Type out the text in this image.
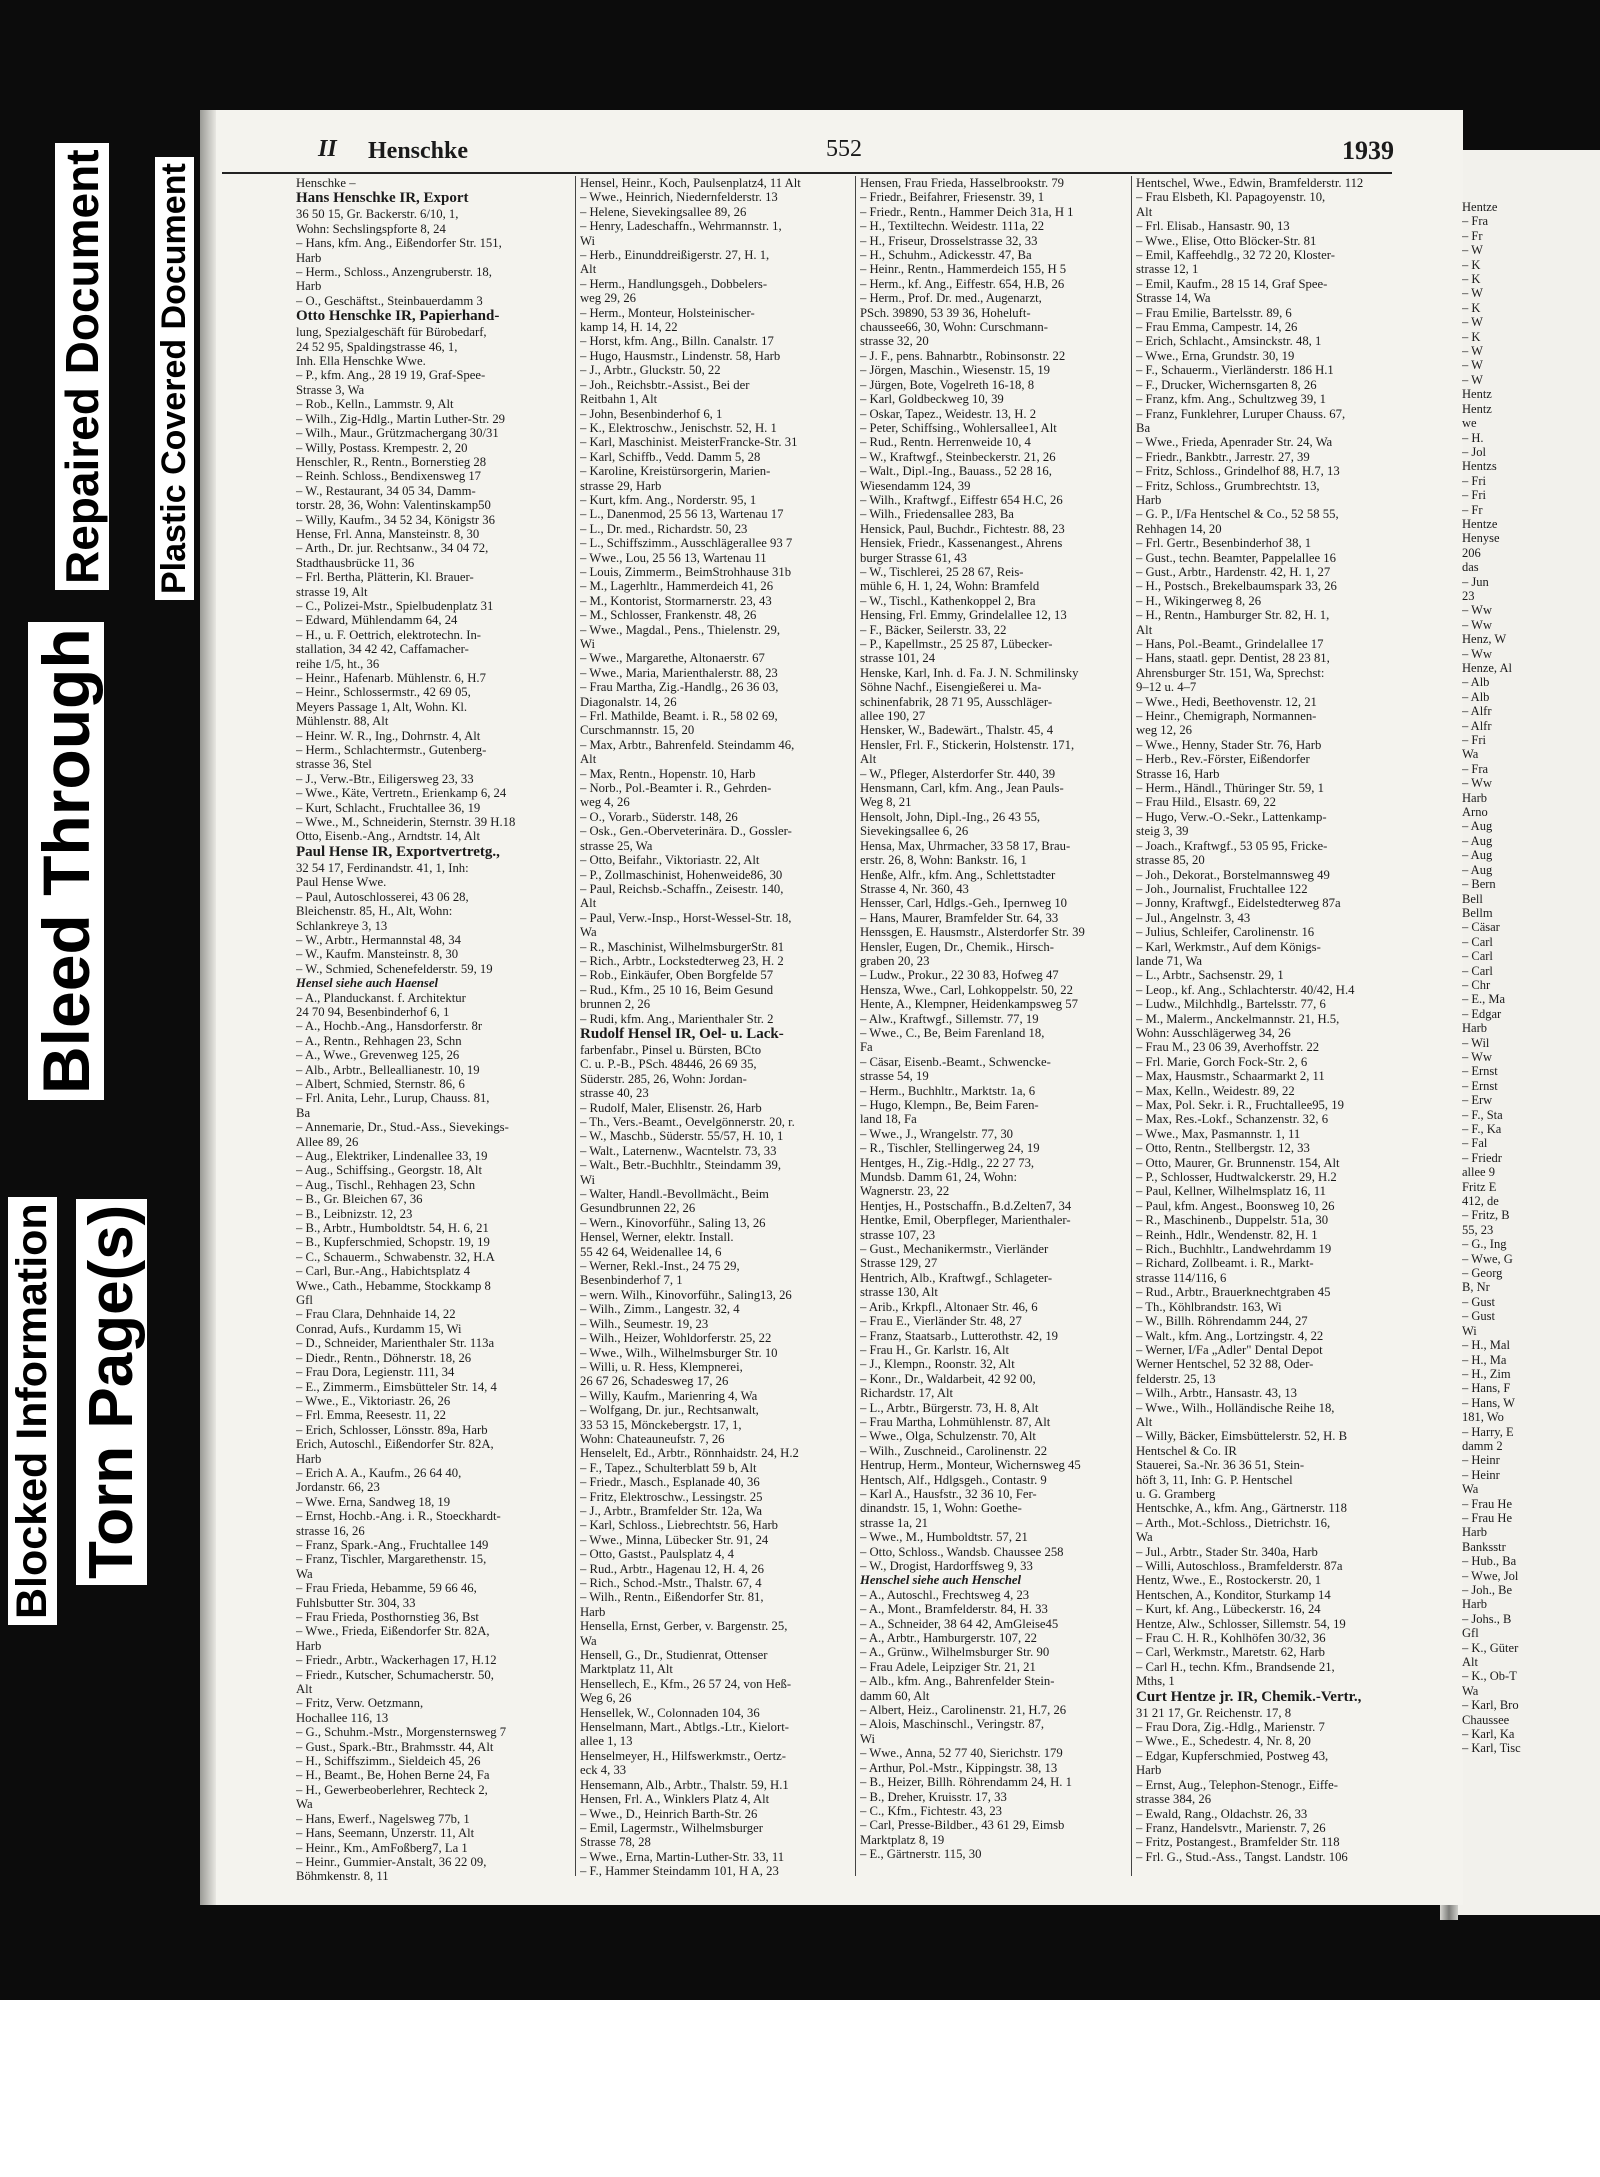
Blocked Information Torn Page(s)
Bleed Through
Repaired Document Plastic Covered Document
II Henschke	552	1939
Henschke –
Hans Henschke IR, Export
36 50 15, Gr. Backerstr. 6/10, 1,
Wohn: Sechslingspforte 8, 24
– Hans, kfm. Ang., Eißendorfer Str. 151,
Harb
– Herm., Schloss., Anzengruberstr. 18,
Harb
– O., Geschäftst., Steinbauerdamm 3
Otto Henschke IR, Papierhand-
lung, Spezialgeschäft für Bürobedarf,
24 52 95, Spaldingstrasse 46, 1,
Inh. Ella Henschke Wwe.
– P., kfm. Ang., 28 19 19, Graf-Spee-
Strasse 3, Wa
– Rob., Kelln., Lammstr. 9, Alt
– Wilh., Zig-Hdlg., Martin Luther-Str. 29
– Wilh., Maur., Grützmachergang 30/31
– Willy, Postass. Krempestr. 2, 20
Henschler, R., Rentn., Bornerstieg 28
– Reinh. Schloss., Bendixensweg 17
– W., Restaurant, 34 05 34, Damm-
torstr. 28, 36, Wohn: Valentinskamp50
– Willy, Kaufm., 34 52 34, Königstr 36
Hense, Frl. Anna, Mansteinstr. 8, 30
– Arth., Dr. jur. Rechtsanw., 34 04 72,
Stadthausbrücke 11, 36
– Frl. Bertha, Plätterin, Kl. Brauer-
strasse 19, Alt
– C., Polizei-Mstr., Spielbudenplatz 31
– Edward, Mühlendamm 64, 24
– H., u. F. Oettrich, elektrotechn. In-
stallation, 34 42 42, Caffamacher-
reihe 1/5, ht., 36
– Heinr., Hafenarb. Mühlenstr. 6, H.7
– Heinr., Schlossermstr., 42 69 05,
Meyers Passage 1, Alt, Wohn. Kl.
Mühlenstr. 88, Alt
– Heinr. W. R., Ing., Dohrnstr. 4, Alt
– Herm., Schlachtermstr., Gutenberg-
strasse 36, Stel
– J., Verw.-Btr., Eiligersweg 23, 33
– Wwe., Käte, Vertretn., Erienkamp 6, 24
– Kurt, Schlacht., Fruchtallee 36, 19
– Wwe., M., Schneiderin, Sternstr. 39 H.18
Otto, Eisenb.-Ang., Arndtstr. 14, Alt
Paul Hense IR, Exportvertretg.,
32 54 17, Ferdinandstr. 41, 1, Inh:
Paul Hense Wwe.
– Paul, Autoschlosserei, 43 06 28,
Bleichenstr. 85, H., Alt, Wohn:
Schlankreye 3, 13
– W., Arbtr., Hermannstal 48, 34
– W., Kaufm. Mansteinstr. 8, 30
– W., Schmied, Schenefelderstr. 59, 19
Hensel siehe auch Haensel
– A., Planduckanst. f. Architektur
24 70 94, Besenbinderhof 6, 1
– A., Hochb.-Ang., Hansdorferstr. 8r
– A., Rentn., Rehhagen 23, Schn
– A., Wwe., Grevenweg 125, 26
– Alb., Arbtr., Belleallianestr. 10, 19
– Albert, Schmied, Sternstr. 86, 6
– Frl. Anita, Lehr., Lurup, Chauss. 81,
Ba
– Annemarie, Dr., Stud.-Ass., Sievekings-
Allee 89, 26
– Aug., Elektriker, Lindenallee 33, 19
– Aug., Schiffsing., Georgstr. 18, Alt
– Aug., Tischl., Rehhagen 23, Schn
– B., Gr. Bleichen 67, 36
– B., Leibnizstr. 12, 23
– B., Arbtr., Humboldtstr. 54, H. 6, 21
– B., Kupferschmied, Schopstr. 19, 19
– C., Schauerm., Schwabenstr. 32, H.A
– Carl, Bur.-Ang., Habichtsplatz 4
Wwe., Cath., Hebamme, Stockkamp 8
Gfl
– Frau Clara, Dehnhaide 14, 22
Conrad, Aufs., Kurdamm 15, Wi
– D., Schneider, Marienthaler Str. 113a
– Diedr., Rentn., Döhnerstr. 18, 26
– Frau Dora, Legienstr. 111, 34
– E., Zimmerm., Eimsbütteler Str. 14, 4
– Wwe., E., Viktoriastr. 26, 26
– Frl. Emma, Reesestr. 11, 22
– Erich, Schlosser, Lönsstr. 89a, Harb
Erich, Autoschl., Eißendorfer Str. 82A,
Harb
– Erich A. A., Kaufm., 26 64 40,
Jordanstr. 66, 23
– Wwe. Erna, Sandweg 18, 19
– Ernst, Hochb.-Ang. i. R., Stoeckhardt-
strasse 16, 26
– Franz, Spark.-Ang., Fruchtallee 149
– Franz, Tischler, Margarethenstr. 15,
Wa
– Frau Frieda, Hebamme, 59 66 46,
Fuhlsbutter Str. 304, 33
– Frau Frieda, Posthornstieg 36, Bst
– Wwe., Frieda, Eißendorfer Str. 82A,
Harb
– Friedr., Arbtr., Wackerhagen 17, H.12
– Friedr., Kutscher, Schumacherstr. 50,
Alt
– Fritz, Verw. Oetzmann,
Hochallee 116, 13
– G., Schuhm.-Mstr., Morgensternsweg 7
– Gust., Spark.-Btr., Brahmsstr. 44, Alt
– H., Schiffszimm., Sieldeich 45, 26
– H., Beamt., Be, Hohen Berne 24, Fa
– H., Gewerbeoberlehrer, Rechteck 2,
Wa
– Hans, Ewerf., Nagelsweg 77b, 1
– Hans, Seemann, Unzerstr. 11, Alt
– Heinr., Km., AmFoßberg7, La 1
– Heinr., Gummier-Anstalt, 36 22 09,
Böhmkenstr. 8, 11
Hensel, Heinr., Koch, Paulsenplatz4, 11 Alt
– Wwe., Heinrich, Niedernfelderstr. 13
– Helene, Sievekingsallee 89, 26
– Henry, Ladeschaffn., Wehrmannstr. 1,
Wi
– Herb., Einunddreißigerstr. 27, H. 1,
Alt
– Herm., Handlungsgeh., Dobbelers-
weg 29, 26
– Herm., Monteur, Holsteinischer-
kamp 14, H. 14, 22
– Horst, kfm. Ang., Billn. Canalstr. 17
– Hugo, Hausmstr., Lindenstr. 58, Harb
– J., Arbtr., Gluckstr. 50, 22
– Joh., Reichsbtr.-Assist., Bei der
Reitbahn 1, Alt
– John, Besenbinderhof 6, 1
– K., Elektroschw., Jenischstr. 52, H. 1
– Karl, Maschinist. MeisterFrancke-Str. 31
– Karl, Schiffb., Vedd. Damm 5, 28
– Karoline, Kreistürsorgerin, Marien-
strasse 29, Harb
– Kurt, kfm. Ang., Norderstr. 95, 1
– L., Danenmod, 25 56 13, Wartenau 17
– L., Dr. med., Richardstr. 50, 23
– L., Schiffszimm., Ausschlägerallee 93 7
– Wwe., Lou, 25 56 13, Wartenau 11
– Louis, Zimmerm., BeimStrohhause 31b
– M., Lagerhltr., Hammerdeich 41, 26
– M., Kontorist, Stormarnerstr. 23, 43
– M., Schlosser, Frankenstr. 48, 26
– Wwe., Magdal., Pens., Thielenstr. 29,
Wi
– Wwe., Margarethe, Altonaerstr. 67
– Wwe., Maria, Marienthalerstr. 88, 23
– Frau Martha, Zig.-Handlg., 26 36 03,
Diagonalstr. 14, 26
– Frl. Mathilde, Beamt. i. R., 58 02 69,
Curschmannstr. 15, 20
– Max, Arbtr., Bahrenfeld. Steindamm 46,
Alt
– Max, Rentn., Hopenstr. 10, Harb
– Norb., Pol.-Beamter i. R., Gehrden-
weg 4, 26
– O., Vorarb., Süderstr. 148, 26
– Osk., Gen.-Oberveterinära. D., Gossler-
strasse 25, Wa
– Otto, Beifahr., Viktoriastr. 22, Alt
– P., Zollmaschinist, Hohenweide86, 30
– Paul, Reichsb.-Schaffn., Zeisestr. 140,
Alt
– Paul, Verw.-Insp., Horst-Wessel-Str. 18,
Wa
– R., Maschinist, WilhelmsburgerStr. 81
– Rich., Arbtr., Lockstedterweg 23, H. 2
– Rob., Einkäufer, Oben Borgfelde 57
– Rud., Kfm., 25 10 16, Beim Gesund
brunnen 2, 26
– Rudi, kfm. Ang., Marienthaler Str. 2
Rudolf Hensel IR, Oel- u. Lack-
farbenfabr., Pinsel u. Bürsten, BCto
C. u. P.-B., PSch. 48446, 26 69 35,
Süderstr. 285, 26, Wohn: Jordan-
strasse 40, 23
– Rudolf, Maler, Elisenstr. 26, Harb
– Th., Vers.-Beamt., Oevelgönnerstr. 20, r.
– W., Maschb., Süderstr. 55/57, H. 10, 1
– Walt., Laternenw., Wacntelstr. 73, 33
– Walt., Betr.-Buchhltr., Steindamm 39,
Wi
– Walter, Handl.-Bevollmächt., Beim
Gesundbrunnen 22, 26
– Wern., Kinovorführ., Saling 13, 26
Hensel, Werner, elektr. Install.
55 42 64, Weidenallee 14, 6
– Werner, Rekl.-Inst., 24 75 29,
Besenbinderhof 7, 1
– wern. Wilh., Kinovorführ., Saling13, 26
– Wilh., Zimm., Langestr. 32, 4
– Wilh., Seumestr. 19, 23
– Wilh., Heizer, Wohldorferstr. 25, 22
– Wwe., Wilh., Wilhelmsburger Str. 10
– Willi, u. R. Hess, Klempnerei,
26 67 26, Schadesweg 17, 26
– Willy, Kaufm., Marienring 4, Wa
– Wolfgang, Dr. jur., Rechtsanwalt,
33 53 15, Mönckebergstr. 17, 1,
Wohn: Chateauneufstr. 7, 26
Henselelt, Ed., Arbtr., Rönnhaidstr. 24, H.2
– F., Tapez., Schulterblatt 59 b, Alt
– Friedr., Masch., Esplanade 40, 36
– Fritz, Elektroschw., Lessingstr. 25
– J., Arbtr., Bramfelder Str. 12a, Wa
– Karl, Schloss., Liebrechtstr. 56, Harb
– Wwe., Minna, Lübecker Str. 91, 24
– Otto, Gastst., Paulsplatz 4, 4
– Rud., Arbtr., Hagenau 12, H. 4, 26
– Rich., Schod.-Mstr., Thalstr. 67, 4
– Wilh., Rentn., Eißendorfer Str. 81,
Harb
Hensella, Ernst, Gerber, v. Bargenstr. 25,
Wa
Hensell, G., Dr., Studienrat, Ottenser
Marktplatz 11, Alt
Hensellech, E., Kfm., 26 57 24, von Heß-
Weg 6, 26
Hensellek, W., Colonnaden 104, 36
Henselmann, Mart., Abtlgs.-Ltr., Kielort-
allee 1, 13
Henselmeyer, H., Hilfswerkmstr., Oertz-
eck 4, 33
Hensemann, Alb., Arbtr., Thalstr. 59, H.1
Hensen, Frl. A., Winklers Platz 4, Alt
– Wwe., D., Heinrich Barth-Str. 26
– Emil, Lagermstr., Wilhelmsburger
Strasse 78, 28
– Wwe., Erna, Martin-Luther-Str. 33, 11
– F., Hammer Steindamm 101, H A, 23
Hensen, Frau Frieda, Hasselbrookstr. 79
– Friedr., Beifahrer, Friesenstr. 39, 1
– Friedr., Rentn., Hammer Deich 31a, H 1
– H., Textiltechn. Weidestr. 111a, 22
– H., Friseur, Drosselstrasse 32, 33
– H., Schuhm., Adickesstr. 47, Ba
– Heinr., Rentn., Hammerdeich 155, H 5
– Herm., kf. Ang., Eiffestr. 654, H.B, 26
– Herm., Prof. Dr. med., Augenarzt,
PSch. 39890, 53 39 36, Hoheluft-
chaussee66, 30, Wohn: Curschmann-
strasse 32, 20
– J. F., pens. Bahnarbtr., Robinsonstr. 22
– Jörgen, Maschin., Wiesenstr. 15, 19
– Jürgen, Bote, Vogelreth 16-18, 8
– Karl, Goldbeckweg 10, 39
– Oskar, Tapez., Weidestr. 13, H. 2
– Peter, Schiffsing., Wohlersallee1, Alt
– Rud., Rentn. Herrenweide 10, 4
– W., Kraftwgf., Steinbeckerstr. 21, 26
– Walt., Dipl.-Ing., Bauass., 52 28 16,
Wiesendamm 124, 39
– Wilh., Kraftwgf., Eiffestr 654 H.C, 26
– Wilh., Friedensallee 283, Ba
Hensick, Paul, Buchdr., Fichtestr. 88, 23
Hensiek, Friedr., Kassenangest., Ahrens
burger Strasse 61, 43
– W., Tischlerei, 25 28 67, Reis-
mühle 6, H. 1, 24, Wohn: Bramfeld
– W., Tischl., Kathenkoppel 2, Bra
Hensing, Frl. Emmy, Grindelallee 12, 13
– F., Bäcker, Seilerstr. 33, 22
– P., Kapellmstr., 25 25 87, Lübecker-
strasse 101, 24
Henske, Karl, Inh. d. Fa. J. N. Schmilinsky
Söhne Nachf., Eisengießerei u. Ma-
schinenfabrik, 28 71 95, Ausschläger-
allee 190, 27
Hensker, W., Badewärt., Thalstr. 45, 4
Hensler, Frl. F., Stickerin, Holstenstr. 171,
Alt
– W., Pfleger, Alsterdorfer Str. 440, 39
Hensmann, Carl, kfm. Ang., Jean Pauls-
Weg 8, 21
Hensolt, John, Dipl.-Ing., 26 43 55,
Sievekingsallee 6, 26
Hensa, Max, Uhrmacher, 33 58 17, Brau-
erstr. 26, 8, Wohn: Bankstr. 16, 1
Henße, Alfr., kfm. Ang., Schlettstadter
Strasse 4, Nr. 360, 43
Hensser, Carl, Hdlgs.-Geh., Ipernweg 10
– Hans, Maurer, Bramfelder Str. 64, 33
Henssgen, E. Hausmstr., Alsterdorfer Str. 39
Hensler, Eugen, Dr., Chemik., Hirsch-
graben 20, 23
– Ludw., Prokur., 22 30 83, Hofweg 47
Hensza, Wwe., Carl, Lohkoppelstr. 50, 22
Hente, A., Klempner, Heidenkampsweg 57
– Alw., Kraftwgf., Sillemstr. 77, 19
– Wwe., C., Be, Beim Farenland 18,
Fa
– Cäsar, Eisenb.-Beamt., Schwencke-
strasse 54, 19
– Herm., Buchhltr., Marktstr. 1a, 6
– Hugo, Klempn., Be, Beim Faren-
land 18, Fa
– Wwe., J., Wrangelstr. 77, 30
– R., Tischler, Stellingerweg 24, 19
Hentges, H., Zig.-Hdlg., 22 27 73,
Mundsb. Damm 61, 24, Wohn:
Wagnerstr. 23, 22
Hentjes, H., Postschaffn., B.d.Zelten7, 34
Hentke, Emil, Oberpfleger, Marienthaler-
strasse 107, 23
– Gust., Mechanikermstr., Vierländer
Strasse 129, 27
Hentrich, Alb., Kraftwgf., Schlageter-
strasse 130, Alt
– Arib., Krkpfl., Altonaer Str. 46, 6
– Frau E., Vierländer Str. 48, 27
– Franz, Staatsarb., Lutterothstr. 42, 19
– Frau H., Gr. Karlstr. 16, Alt
– J., Klempn., Roonstr. 32, Alt
– Konr., Dr., Waldarbeit, 42 92 00,
Richardstr. 17, Alt
– L., Arbtr., Bürgerstr. 73, H. 8, Alt
– Frau Martha, Lohmühlenstr. 87, Alt
– Wwe., Olga, Schulzenstr. 70, Alt
– Wilh., Zuschneid., Carolinenstr. 22
Hentrup, Herm., Monteur, Wichernsweg 45
Hentsch, Alf., Hdlgsgeh., Contastr. 9
– Karl A., Hausfstr., 32 36 10, Fer-
dinandstr. 15, 1, Wohn: Goethe-
strasse 1a, 21
– Wwe., M., Humboldtstr. 57, 21
– Otto, Schloss., Wandsb. Chaussee 258
– W., Drogist, Hardorffsweg 9, 33
Henschel siehe auch Henschel
– A., Autoschl., Frechtsweg 4, 23
– A., Mont., Bramfelderstr. 84, H. 33
– A., Schneider, 38 64 42, AmGleise45
– A., Arbtr., Hamburgerstr. 107, 22
– A., Grünw., Wilhelmsburger Str. 90
– Frau Adele, Leipziger Str. 21, 21
– Alb., kfm. Ang., Bahrenfelder Stein-
damm 60, Alt
– Albert, Heiz., Carolinenstr. 21, H.7, 26
– Alois, Maschinschl., Veringstr. 87,
Wi
– Wwe., Anna, 52 77 40, Sierichstr. 179
– Arthur, Pol.-Mstr., Kippingstr. 38, 13
– B., Heizer, Billh. Röhrendamm 24, H. 1
– B., Dreher, Kruisstr. 17, 33
– C., Kfm., Fichtestr. 43, 23
– Carl, Presse-Bildber., 43 61 29, Eimsb
Marktplatz 8, 19
– E., Gärtnerstr. 115, 30
Hentschel, Wwe., Edwin, Bramfelderstr. 112
– Frau Elsbeth, Kl. Papagoyenstr. 10,
Alt
– Frl. Elisab., Hansastr. 90, 13
– Wwe., Elise, Otto Blöcker-Str. 81
– Emil, Kaffeehdlg., 32 72 20, Kloster-
strasse 12, 1
– Emil, Kaufm., 28 15 14, Graf Spee-
Strasse 14, Wa
– Frau Emilie, Bartelsstr. 89, 6
– Frau Emma, Campestr. 14, 26
– Erich, Schlacht., Amsinckstr. 48, 1
– Wwe., Erna, Grundstr. 30, 19
– F., Schauerm., Vierländerstr. 186 H.1
– F., Drucker, Wichernsgarten 8, 26
– Franz, kfm. Ang., Schultzweg 39, 1
– Franz, Funklehrer, Luruper Chauss. 67,
Ba
– Wwe., Frieda, Apenrader Str. 24, Wa
– Friedr., Bankbtr., Jarrestr. 27, 39
– Fritz, Schloss., Grindelhof 88, H.7, 13
– Fritz, Schloss., Grumbrechtstr. 13,
Harb
– G. P., I/Fa Hentschel & Co., 52 58 55,
Rehhagen 14, 20
– Frl. Gertr., Besenbinderhof 38, 1
– Gust., techn. Beamter, Pappelallee 16
– Gust., Arbtr., Hardenstr. 42, H. 1, 27
– H., Postsch., Brekelbaumspark 33, 26
– H., Wikingerweg 8, 26
– H., Rentn., Hamburger Str. 82, H. 1,
Alt
– Hans, Pol.-Beamt., Grindelallee 17
– Hans, staatl. gepr. Dentist, 28 23 81,
Ahrensburger Str. 151, Wa, Sprechst:
9–12 u. 4–7
– Wwe., Hedi, Beethovenstr. 12, 21
– Heinr., Chemigraph, Normannen-
weg 12, 26
– Wwe., Henny, Stader Str. 76, Harb
– Herb., Rev.-Förster, Eißendorfer
Strasse 16, Harb
– Herm., Händl., Thüringer Str. 59, 1
– Frau Hild., Elsastr. 69, 22
– Hugo, Verw.-O.-Sekr., Lattenkamp-
steig 3, 39
– Joach., Kraftwgf., 53 05 95, Fricke-
strasse 85, 20
– Joh., Dekorat., Borstelmannsweg 49
– Joh., Journalist, Fruchtallee 122
– Jonny, Kraftwgf., Eidelstedterweg 87a
– Jul., Angelnstr. 3, 43
– Julius, Schleifer, Carolinenstr. 16
– Karl, Werkmstr., Auf dem Königs-
lande 71, Wa
– L., Arbtr., Sachsenstr. 29, 1
– Leop., kf. Ang., Schlachterstr. 40/42, H.4
– Ludw., Milchhdlg., Bartelsstr. 77, 6
– M., Malerm., Anckelmannstr. 21, H.5,
Wohn: Ausschlägerweg 34, 26
– Frau M., 23 06 39, Averhoffstr. 22
– Frl. Marie, Gorch Fock-Str. 2, 6
– Max, Hausmstr., Schaarmarkt 2, 11
– Max, Kelln., Weidestr. 89, 22
– Max, Pol. Sekr. i. R., Fruchtallee95, 19
– Max, Res.-Lokf., Schanzenstr. 32, 6
– Wwe., Max, Pasmannstr. 1, 11
– Otto, Rentn., Stellbergstr. 12, 33
– Otto, Maurer, Gr. Brunnenstr. 154, Alt
– P., Schlosser, Hudtwalckerstr. 29, H.2
– Paul, Kellner, Wilhelmsplatz 16, 11
– Paul, kfm. Angest., Boonsweg 10, 26
– R., Maschinenb., Duppelstr. 51a, 30
– Reinh., Hdlr., Wendenstr. 82, H. 1
– Rich., Buchhltr., Landwehrdamm 19
– Richard, Zollbeamt. i. R., Markt-
strasse 114/116, 6
– Rud., Arbtr., Brauerknechtgraben 45
– Th., Köhlbrandstr. 163, Wi
– W., Billh. Röhrendamm 244, 27
– Walt., kfm. Ang., Lortzingstr. 4, 22
– Werner, I/Fa „Adler" Dental Depot
Werner Hentschel, 52 32 88, Oder-
felderstr. 25, 13
– Wilh., Arbtr., Hansastr. 43, 13
– Wwe., Wilh., Holländische Reihe 18,
Alt
– Willy, Bäcker, Eimsbüttelerstr. 52, H. B
Hentschel & Co. IR
Stauerei, Sa.-Nr. 36 36 51, Stein-
höft 3, 11, Inh: G. P. Hentschel
u. G. Gramberg
Hentschke, A., kfm. Ang., Gärtnerstr. 118
– Arth., Mot.-Schloss., Dietrichstr. 16,
Wa
– Jul., Arbtr., Stader Str. 340a, Harb
– Willi, Autoschloss., Bramfelderstr. 87a
Hentz, Wwe., E., Rostockerstr. 20, 1
Hentschen, A., Konditor, Sturkamp 14
– Kurt, kf. Ang., Lübeckerstr. 16, 24
Hentze, Alw., Schlosser, Sillemstr. 54, 19
– Frau C. H. R., Kohlhöfen 30/32, 36
– Carl, Werkmstr., Maretstr. 62, Harb
– Carl H., techn. Kfm., Brandsende 21,
Mths, 1
Curt Hentze jr. IR, Chemik.-Vertr.,
31 21 17, Gr. Reichenstr. 17, 8
– Frau Dora, Zig.-Hdlg., Marienstr. 7
– Wwe., E., Schedestr. 4, Nr. 8, 20
– Edgar, Kupferschmied, Postweg 43,
Harb
– Ernst, Aug., Telephon-Stenogr., Eiffe-
strasse 384, 26
– Ewald, Rang., Oldachstr. 26, 33
– Franz, Handelsvtr., Marienstr. 7, 26
– Fritz, Postangest., Bramfelder Str. 118
– Frl. G., Stud.-Ass., Tangst. Landstr. 106
Hentze
– Fra
– Fr
– W
– K
– K
– W
– K
– W
– K
– W
– W
– W
Hentz
Hentz
we
– H.
– Jol
Hentzs
– Fri
– Fri
– Fr
Hentze
Henyse
206
das
– Jun
23
– Ww
– Ww
Henz, W
– Ww
Henze, Al
– Alb
– Alb
– Alfr
– Alfr
– Fri
Wa
– Fra
– Ww
Harb
Arno
– Aug
– Aug
– Aug
– Aug
– Bern
Bell
Bellm
– Cäsar
– Carl
– Carl
– Carl
– Chr
– E., Ma
– Edgar
Harb
– Wil
– Ww
– Ernst
– Ernst
– Erw
– F., Sta
– F., Ka
– Fal
– Friedr
allee 9
Fritz E
412, de
– Fritz, B
55, 23
– G., Ing
– Wwe, G
– Georg
B, Nr
– Gust
– Gust
Wi
– H., Mal
– H., Ma
– H., Zim
– Hans, F
– Hans, W
181, Wo
– Harry, E
damm 2
– Heinr
– Heinr
Wa
– Frau He
– Frau He
Harb
Banksstr
– Hub., Ba
– Wwe, Jol
– Joh., Be
Harb
– Johs., B
Gfl
– K., Güter
Alt
– K., Ob-T
Wa
– Karl, Bro
Chaussee
– Karl, Ka
– Karl, Tisc
